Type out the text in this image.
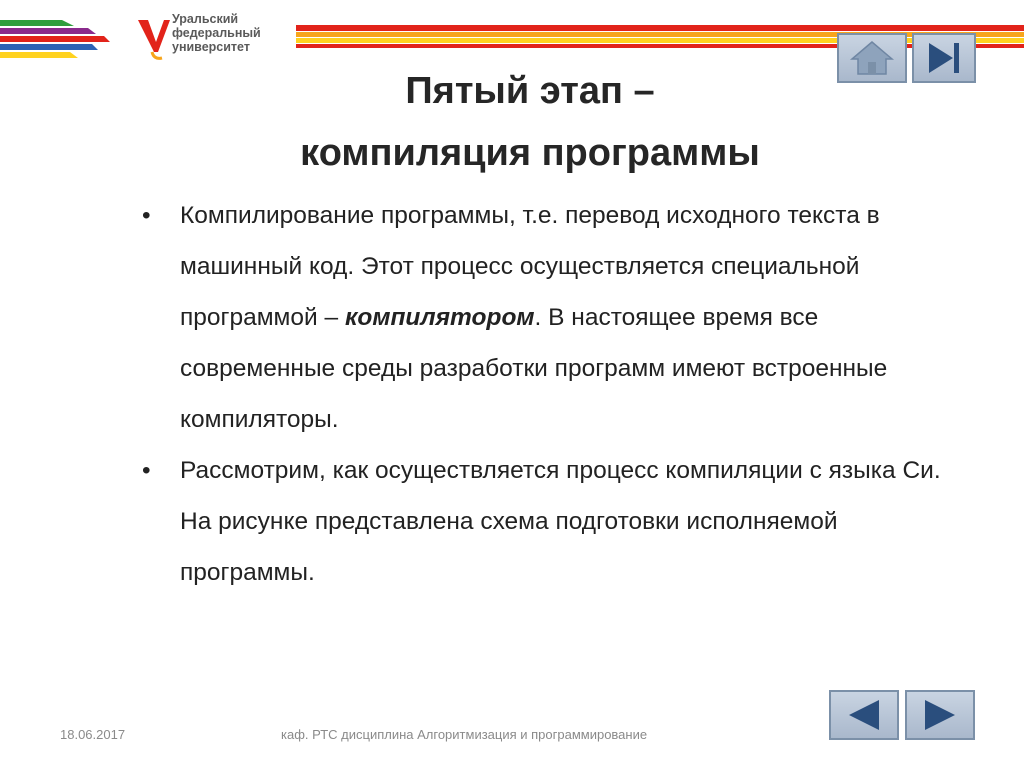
Уральский
федеральный
университет
Пятый этап –
компиляция программы
• Компилирование программы, т.е. перевод исходного текста в машинный код. Этот процесс осуществляется специальной программой – компилятором. В настоящее время все современные среды разработки программ имеют встроенные компиляторы.
• Рассмотрим, как осуществляется процесс компиляции с языка Си. На рисунке представлена схема подготовки исполняемой программы.
18.06.2017	каф. РТС дисциплина Алгоритмизация и программирование
